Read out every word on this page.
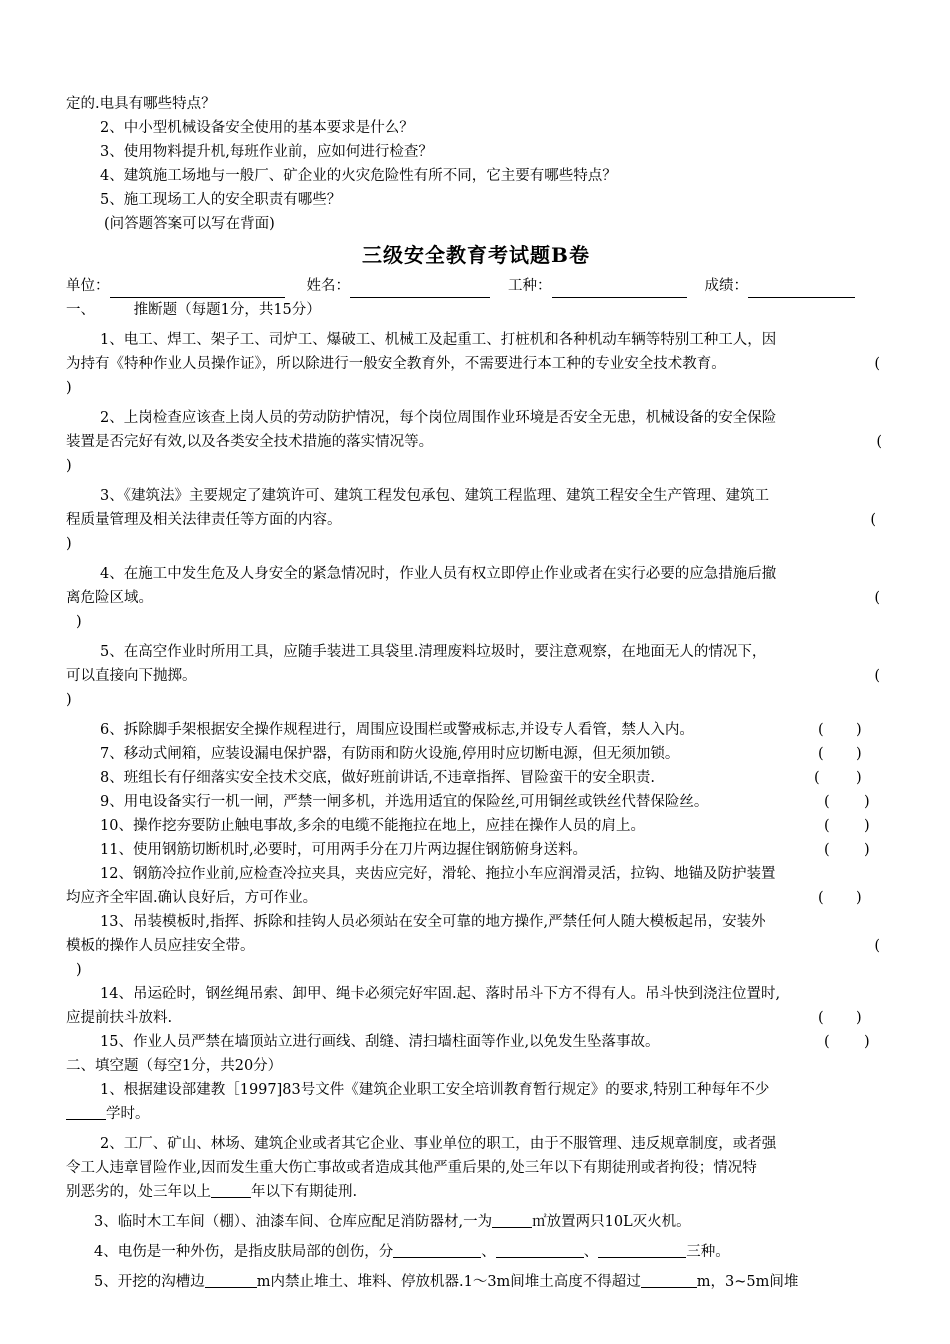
定的.电具有哪些特点？
2、中小型机械设备安全使用的基本要求是什么？
3、使用物料提升机,每班作业前，应如何进行检查？
4、建筑施工场地与一般厂、矿企业的火灾危险性有所不同，它主要有哪些特点？
5、施工现场工人的安全职责有哪些？
(问答题答案可以写在背面)
三级安全教育考试题B卷
单位：	姓名：	工种：	成绩：
一、	推断题（每题1分，共15分）
1、电工、焊工、架子工、司炉工、爆破工、机械工及起重工、打桩机和各种机动车辆等特别工种工人，因
为持有《特种作业人员操作证》，所以除进行一般安全教育外，不需要进行本工种的专业安全技术教育。	(
)
2、上岗检查应该查上岗人员的劳动防护情况，每个岗位周围作业环境是否安全无患，机械设备的安全保险
装置是否完好有效,以及各类安全技术措施的落实情况等。	(
)
3、《建筑法》主要规定了建筑许可、建筑工程发包承包、建筑工程监理、建筑工程安全生产管理、建筑工
程质量管理及相关法律责任等方面的内容。	(
)
4、在施工中发生危及人身安全的紧急情况时，作业人员有权立即停止作业或者在实行必要的应急措施后撤
离危险区域。	(
)
5、在高空作业时所用工具，应随手装进工具袋里.清理废料垃圾时，要注意观察，在地面无人的情况下，
可以直接向下抛掷。	(
)
6、拆除脚手架根据安全操作规程进行，周围应设围栏或警戒标志,并设专人看管，禁人入内。	( )
7、移动式闸箱，应装设漏电保护器，有防雨和防火设施,停用时应切断电源，但无须加锁。	( )
8、班组长有仔细落实安全技术交底，做好班前讲话,不违章指挥、冒险蛮干的安全职责.	(	)
9、用电设备实行一机一闸，严禁一闸多机，并选用适宜的保险丝,可用铜丝或铁丝代替保险丝。	( )
10、操作挖夯要防止触电事故,多余的电缆不能拖拉在地上，应挂在操作人员的肩上。	( )
11、使用钢筋切断机时,必要时，可用两手分在刀片两边握住钢筋俯身送料。	( )
12、钢筋冷拉作业前,应检查冷拉夹具，夹齿应完好，滑轮、拖拉小车应润滑灵活，拉钩、地锚及防护装置
均应齐全牢固.确认良好后，方可作业。	( )
13、吊装模板时,指挥、拆除和挂钩人员必须站在安全可靠的地方操作,严禁任何人随大模板起吊，安装外
模板的操作人员应挂安全带。	(
)
14、吊运砼时，钢丝绳吊索、卸甲、绳卡必须完好牢固.起、落时吊斗下方不得有人。吊斗快到浇注位置时,
应提前扶斗放料.	( )
15、作业人员严禁在墙顶站立进行画线、刮缝、清扫墙柱面等作业,以免发生坠落事故。	( )
二、填空题（每空1分，共20分）
1、根据建设部建教［1997]83号文件《建筑企业职工安全培训教育暂行规定》的要求,特别工种每年不少
学时。
2、工厂、矿山、林场、建筑企业或者其它企业、事业单位的职工，由于不服管理、违反规章制度，或者强
令工人违章冒险作业,因而发生重大伤亡事故或者造成其他严重后果的,处三年以下有期徒刑或者拘役；情况特
别恶劣的，处三年以上	年以下有期徒刑.
3、临时木工车间（棚）、油漆车间、仓库应配足消防器材,一为	㎡放置两只10L灭火机。
4、电伤是一种外伤，是指皮肤局部的创伤，分	、	、	三种。
5、开挖的沟槽边	m内禁止堆土、堆料、停放机器.1～3m间堆土高度不得超过	m，3~5m间堆
